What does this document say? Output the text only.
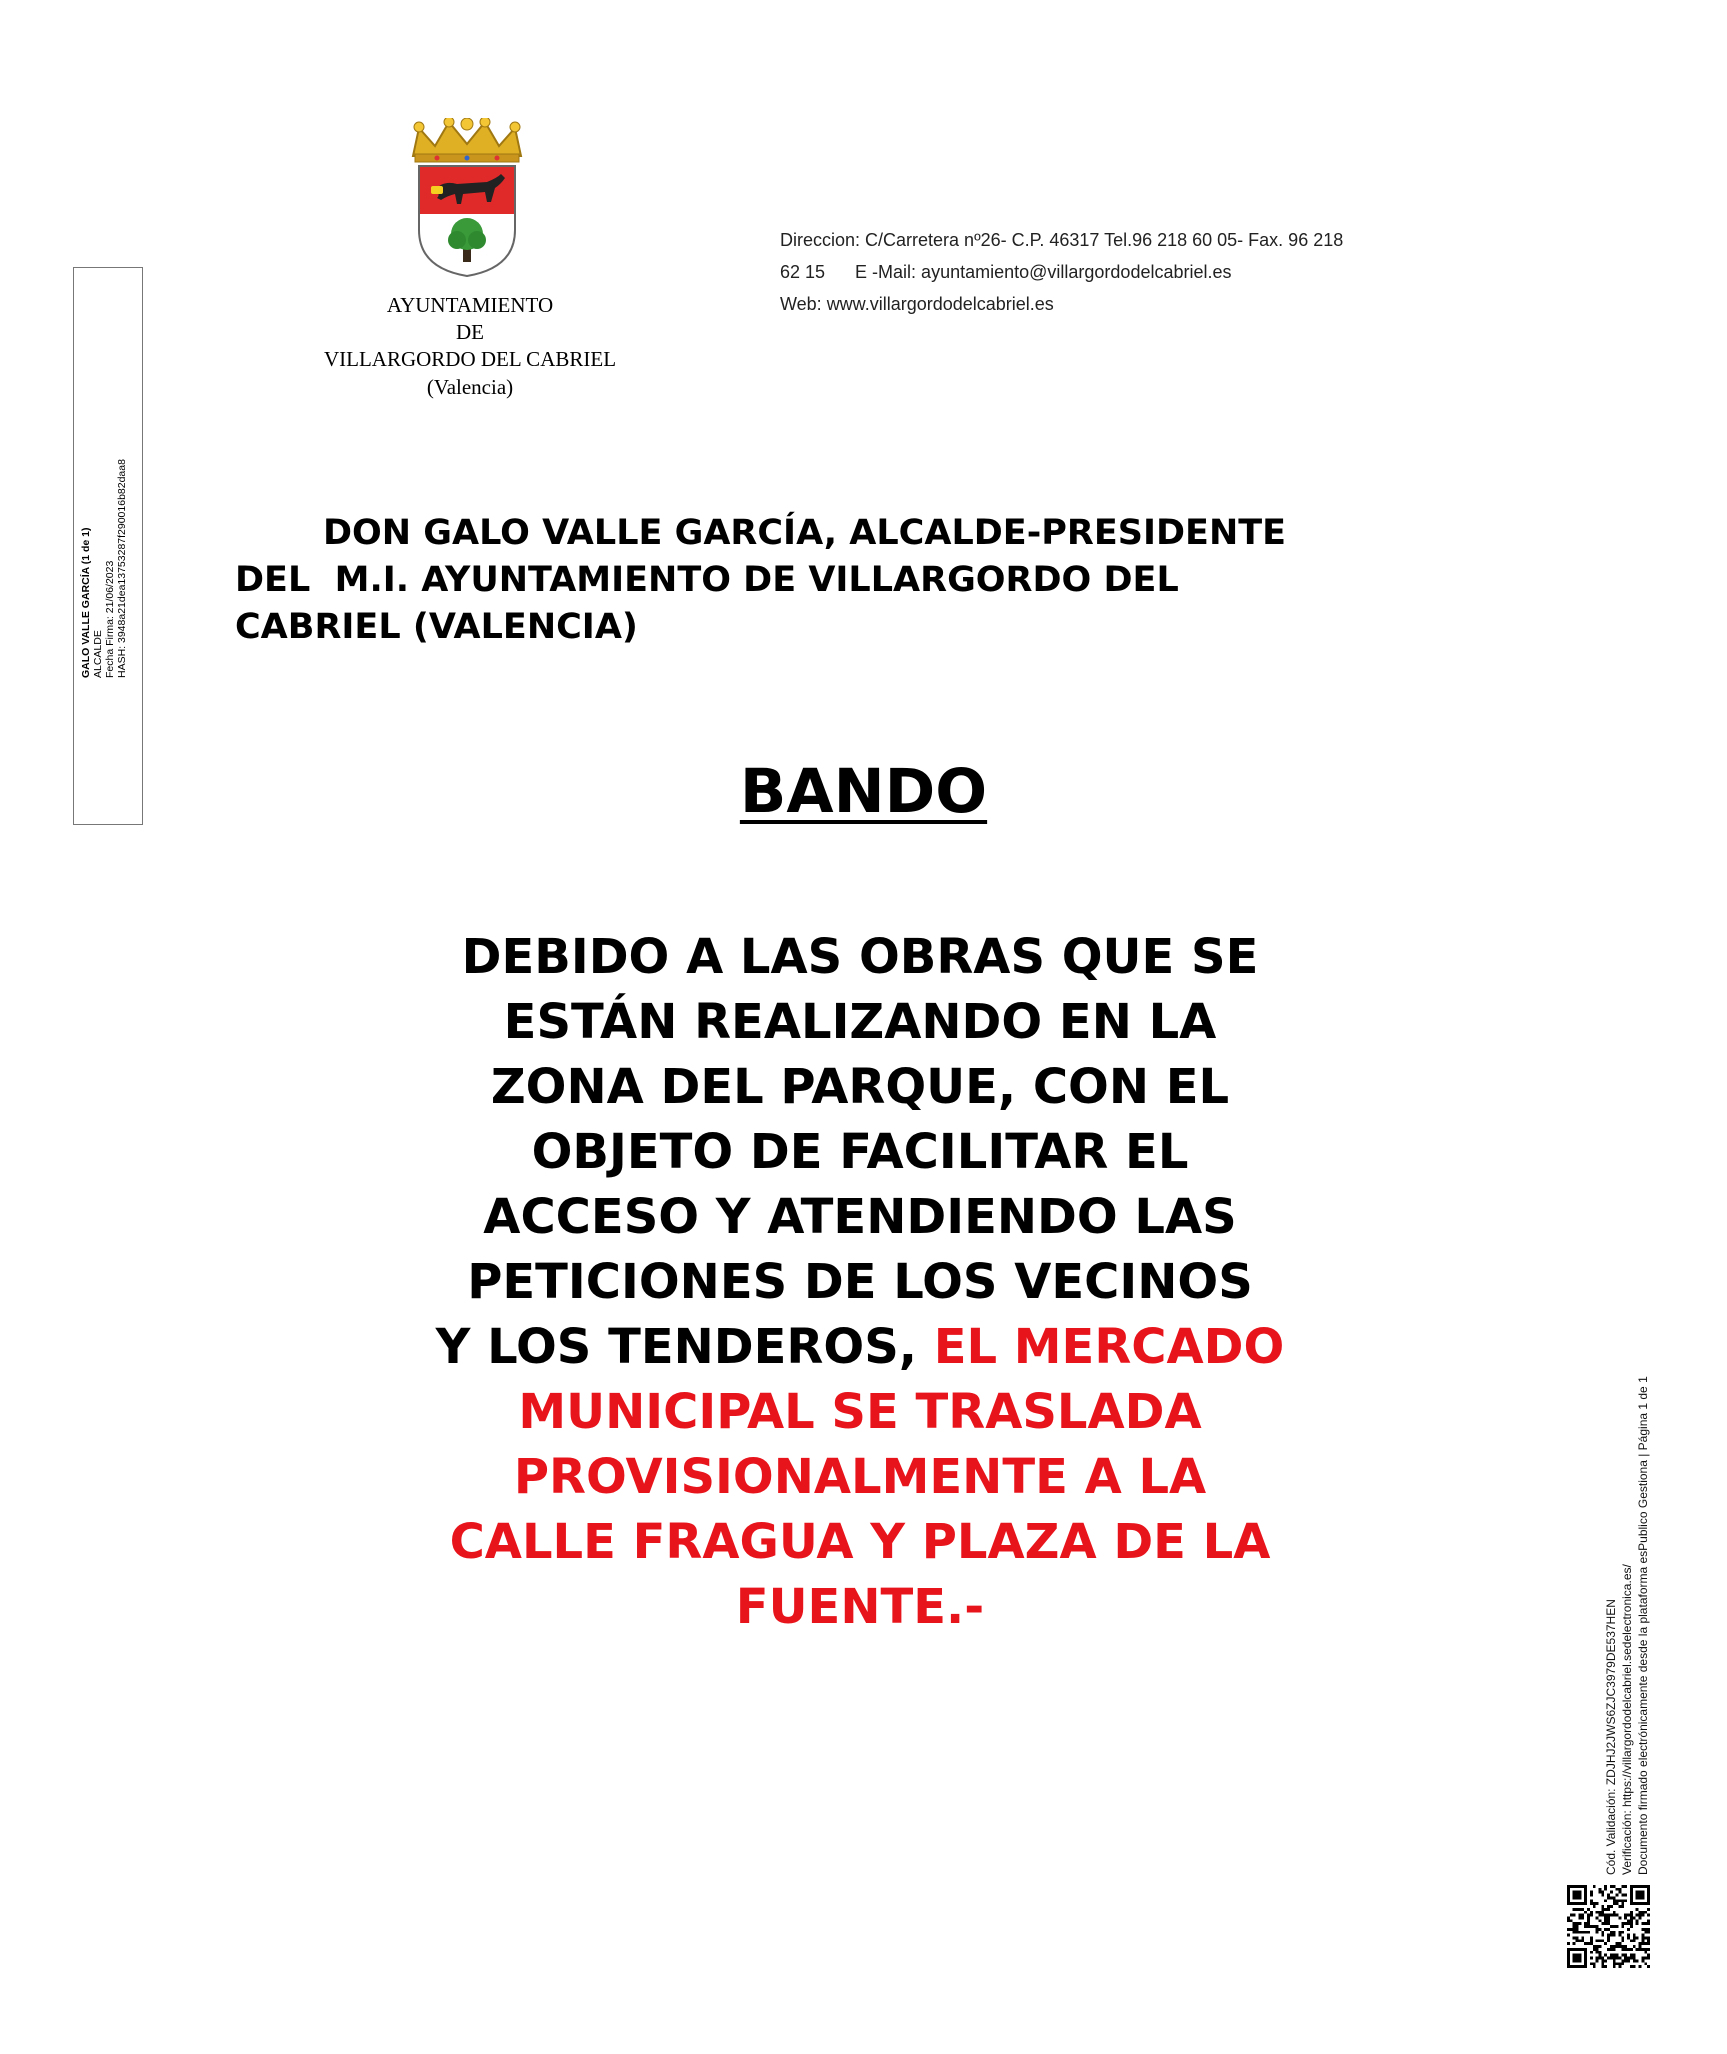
AYUNTAMIENTO
DE
VILLARGORDO DEL CABRIEL
(Valencia)
Direccion: C/Carretera nº26- C.P. 46317 Tel.96 218 60 05- Fax. 96 218
62 15      E -Mail: ayuntamiento@villargordodelcabriel.es
Web: www.villargordodelcabriel.es
GALO VALLE GARCÍA (1 de 1) ALCALDE Fecha Firma: 21/06/2023 HASH: 3948a21dea13753287f290016b82daa8
Cód. Validación: ZDJHJ2JWS6ZJC3979DE537HEN Verificación: https://villargordodelcabriel.sedelectronica.es/ Documento firmado electrónicamente desde la plataforma esPublico Gestiona | Página 1 de 1
DON GALO VALLE GARCÍA, ALCALDE-PRESIDENTE
DEL  M.I. AYUNTAMIENTO DE VILLARGORDO DEL
CABRIEL (VALENCIA)
BANDO
DEBIDO A LAS OBRAS QUE SE
ESTÁN REALIZANDO EN LA
ZONA DEL PARQUE, CON EL
OBJETO DE FACILITAR EL
ACCESO Y ATENDIENDO LAS
PETICIONES DE LOS VECINOS
Y LOS TENDEROS, EL MERCADO
MUNICIPAL SE TRASLADA
PROVISIONALMENTE A LA
CALLE FRAGUA Y PLAZA DE LA
FUENTE.-
